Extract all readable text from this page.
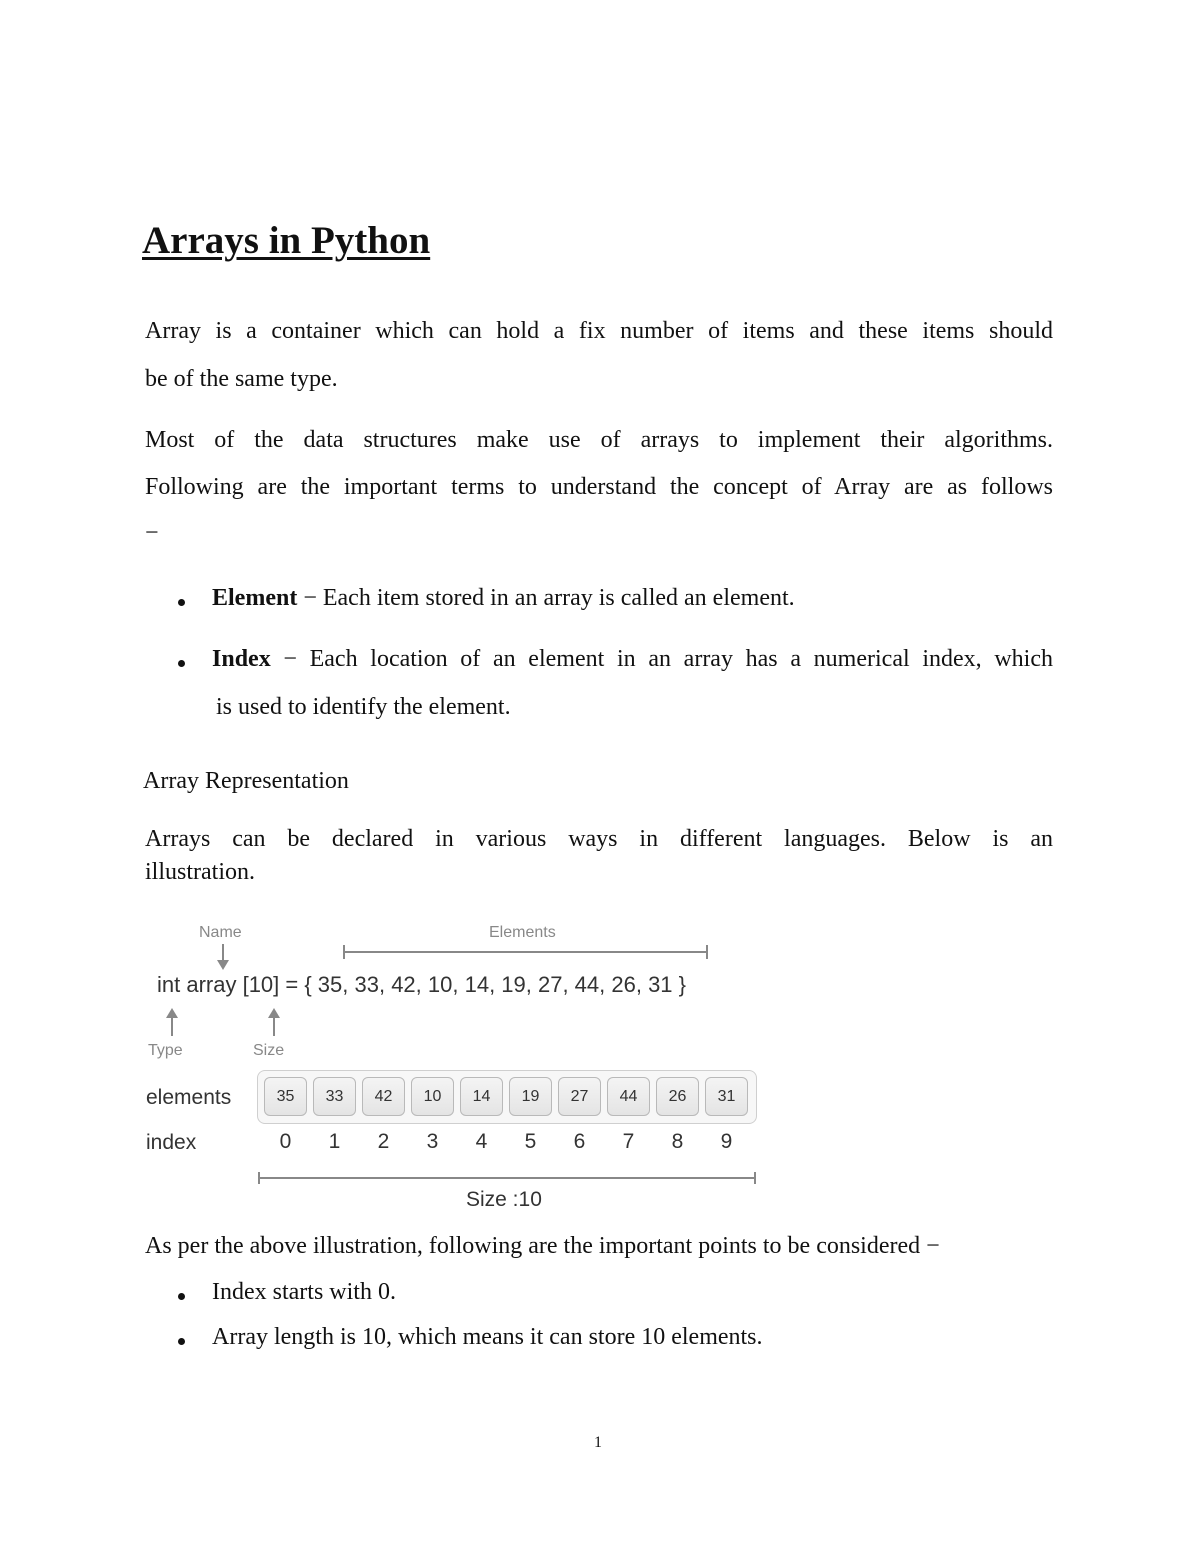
Arrays in Python
Array is a container which can hold a fix number of items and these items should
be of the same type.
Most of the data structures make use of arrays to implement their algorithms.
Following are the important terms to understand the concept of Array are as follows
−
Element − Each item stored in an array is called an element.
Index − Each location of an element in an array has a numerical index, which
is used to identify the element.
Array Representation
Arrays can be declared in various ways in different languages. Below is an
illustration.
Name	Elements
int array [10] = { 35, 33, 42, 10, 14, 19, 27, 44, 26, 31 }
Type	Size
elements
index
35	33	42	10	14	19	27	44	26	31
0	1	2	3	4	5	6	7	8	9
Size :10
As per the above illustration, following are the important points to be considered −
Index starts with 0.
Array length is 10, which means it can store 10 elements.
1
